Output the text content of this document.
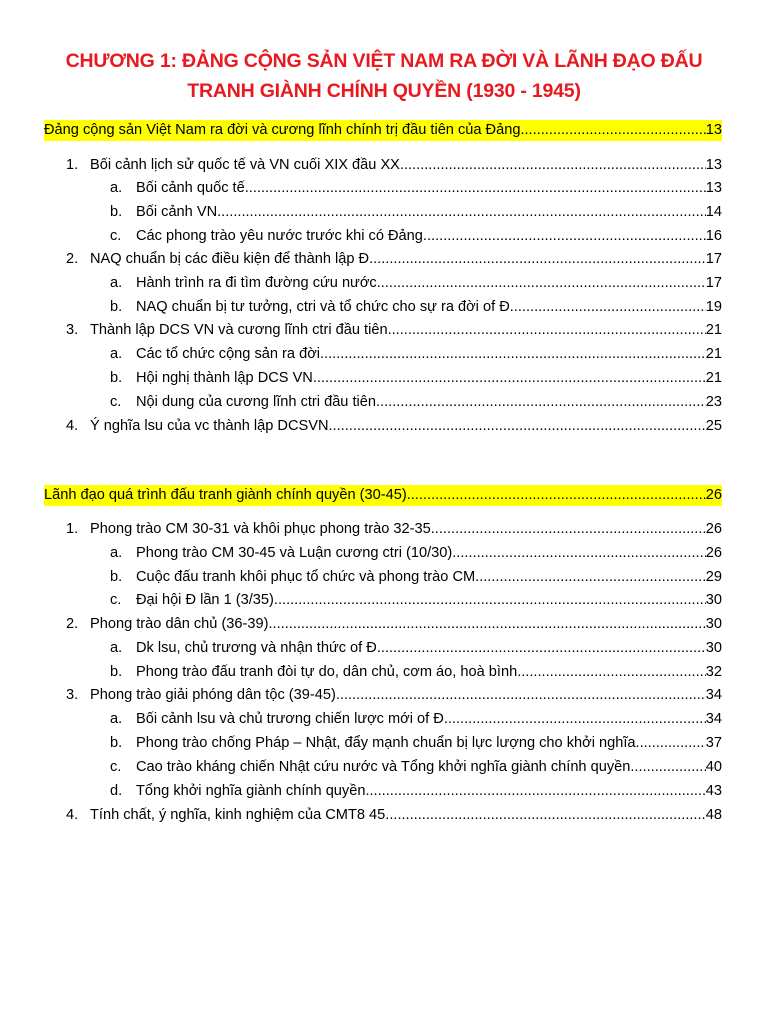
CHƯƠNG 1: ĐẢNG CỘNG SẢN VIỆT NAM RA ĐỜI VÀ LÃNH ĐẠO ĐẤU
TRANH GIÀNH CHÍNH QUYỀN (1930 - 1945)
Đảng cộng sản Việt Nam ra đời và cương lĩnh chính trị đầu tiên của Đảng .....	13
1. Bối cảnh lịch sử quốc tế và VN cuối XIX đầu XX .....	13
a. Bối cảnh quốc tế .....	13
b. Bối cảnh VN .....	14
c.	Các phong trào yêu nước trước khi có Đảng .....	16
2. NAQ chuẩn bị các điều kiện để thành lập Đ .....	17
a. Hành trình ra đi tìm đường cứu nước .....	17
b. NAQ chuẩn bị tư tưởng, ctri và tổ chức cho sự ra đời of Đ .....	19
3. Thành lập DCS VN và cương lĩnh ctri đầu tiên .....	21
a. Các tổ chức cộng sản ra đời .....	21
b. Hội nghị thành lập DCS VN .....	21
c.	Nội dung của cương lĩnh ctri đầu tiên .....	23
4. Ý nghĩa lsu của vc thành lập DCSVN .....	25
Lãnh đạo quá trình đấu tranh giành chính quyền (30-45) .....	26
1. Phong trào CM 30-31 và khôi phục phong trào 32-35 .....	26
a. Phong trào CM 30-45 và Luận cương ctri (10/30) .....	26
b. Cuộc đấu tranh khôi phục tổ chức và phong trào CM .....	29
c.	Đại hội Đ lần 1 (3/35) .....	30
2. Phong trào dân chủ (36-39) .....	30
a. Dk lsu, chủ trương và nhận thức of Đ .....	30
b. Phong trào đấu tranh đòi tự do, dân chủ, cơm áo, hoà bình .....	32
3. Phong trào giải phóng dân tộc (39-45) .....	34
a. Bối cảnh lsu và chủ trương chiến lược mới of Đ .....	34
b. Phong trào chống Pháp – Nhật, đẩy mạnh chuẩn bị lực lượng cho khởi nghĩa .....	37
c.	Cao trào kháng chiến Nhật cứu nước và Tổng khởi nghĩa giành chính quyền .....	40
d. Tổng khởi nghĩa giành chính quyền .....	43
4. Tính chất, ý nghĩa, kinh nghiệm của CMT8 45 .....	48
